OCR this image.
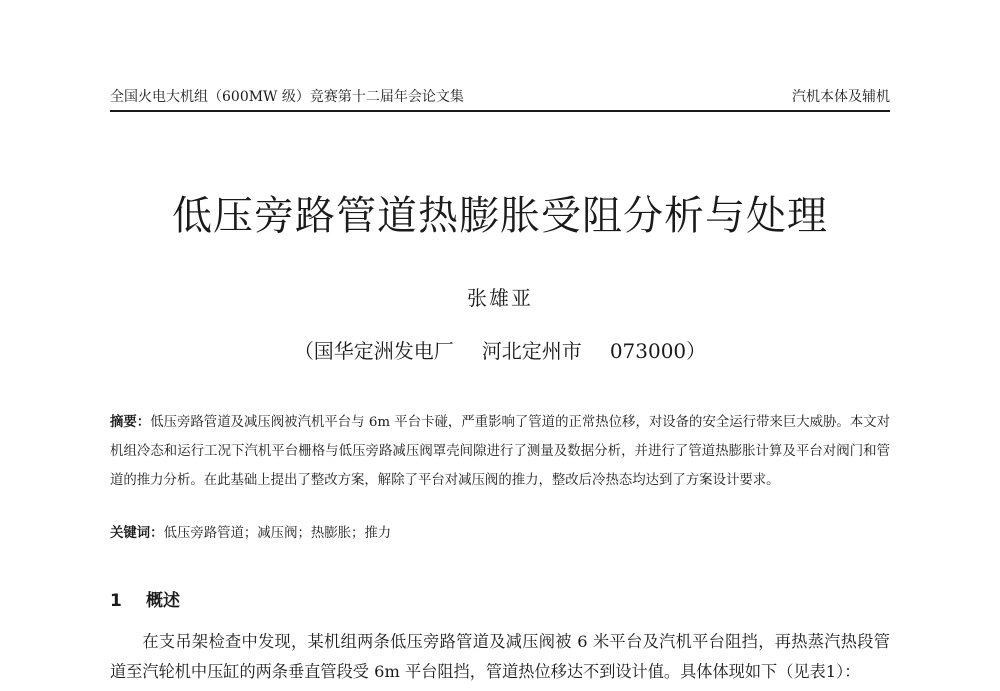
全国火电大机组（600MW 级）竞赛第十二届年会论文集	汽机本体及辅机
低压旁路管道热膨胀受阻分析与处理
张雄亚
（国华定洲发电厂 河北定州市 073000）
摘要：低压旁路管道及减压阀被汽机平台与 6m 平台卡碰，严重影响了管道的正常热位移，对设备的安全运行带来巨大威胁。本文对机组冷态和运行工况下汽机平台栅格与低压旁路减压阀罩壳间隙进行了测量及数据分析，并进行了管道热膨胀计算及平台对阀门和管道的推力分析。在此基础上提出了整改方案，解除了平台对减压阀的推力，整改后冷热态均达到了方案设计要求。
关键词：低压旁路管道；减压阀；热膨胀；推力
1 概述
在支吊架检查中发现，某机组两条低压旁路管道及减压阀被 6 米平台及汽机平台阻挡，再热蒸汽热段管道至汽轮机中压缸的两条垂直管段受 6m 平台阻挡，管道热位移达不到设计值。具体体现如下（见表1）：
